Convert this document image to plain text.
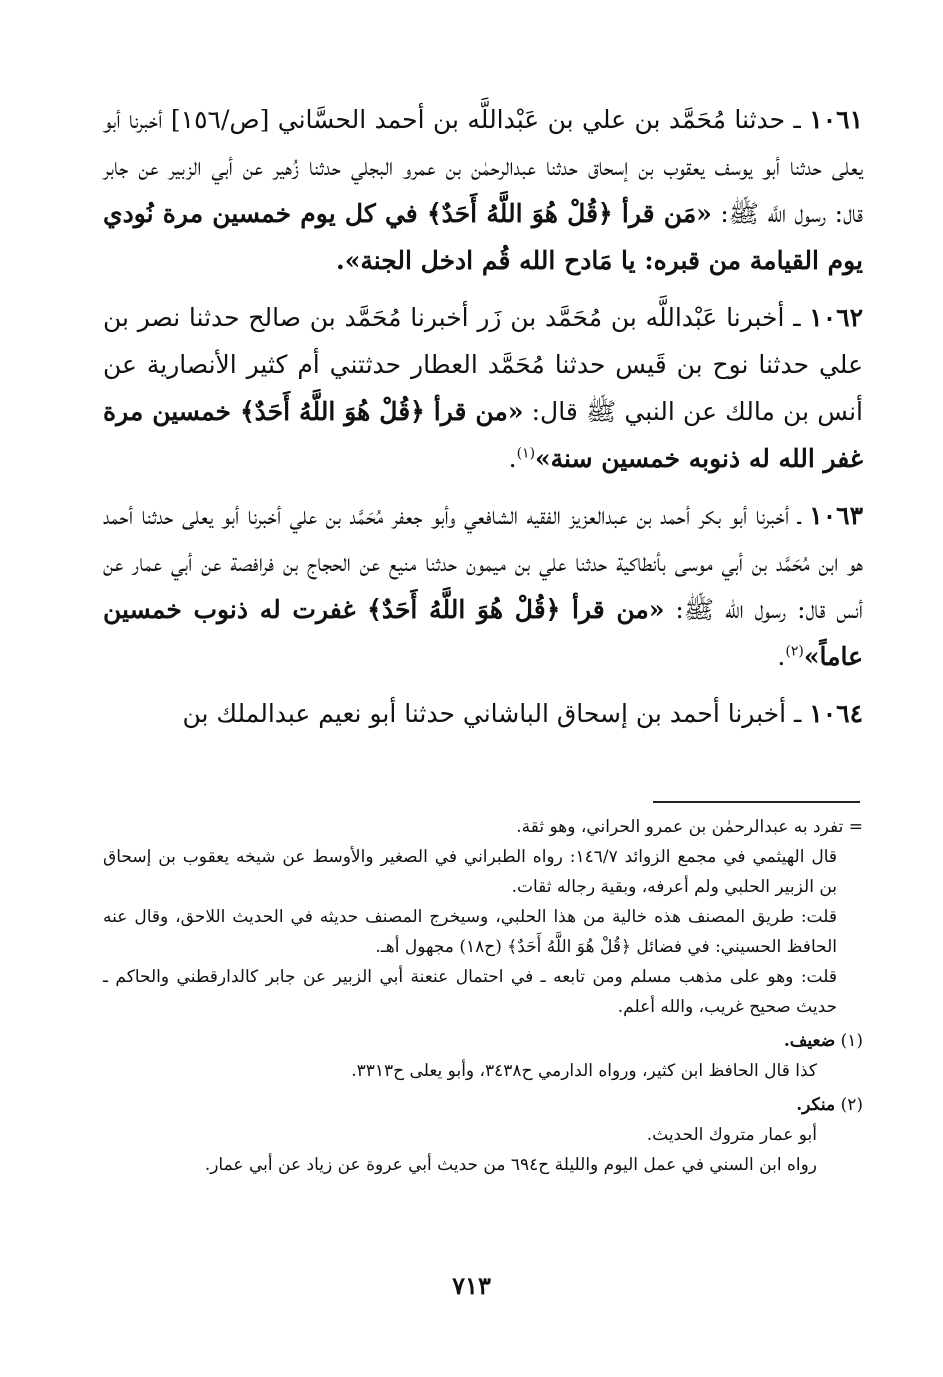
١٠٦١ ـ حدثنا مُحَمَّد بن علي بن عَبْداللَّه بن أحمد الحسَّاني [ص/١٥٦] أخبرنا أبو يعلى حدثنا أبو يوسف يعقوب بن إسحاق حدثنا عبدالرحمٰن بن عمرو البجلي حدثنا زُهير عن أبي الزبير عن جابر قال: رسول اللَّه ﷺ: «مَن قرأ ﴿قُلْ هُوَ اللَّهُ أَحَدٌ﴾ في كل يوم خمسين مرة نُودي يوم القيامة من قبره: يا مَادح الله قُم ادخل الجنة».

١٠٦٢ ـ أخبرنا عَبْداللَّه بن مُحَمَّد بن زَر أخبرنا مُحَمَّد بن صالح حدثنا نصر بن علي حدثنا نوح بن قَيس حدثنا مُحَمَّد العطار حدثتني أم كثير الأنصارية عن أنس بن مالك عن النبي ﷺ قال: «من قرأ ﴿قُلْ هُوَ اللَّهُ أَحَدٌ﴾ خمسين مرة غفر الله له ذنوبه خمسين سنة»$^{(١)}$.

١٠٦٣ ـ أخبرنا أبو بكر أحمد بن عبدالعزيز الفقيه الشافعي وأبو جعفر مُحَمَّد بن علي أخبرنا أبو يعلى حدثنا أحمد هو ابن مُحَمَّد بن أبي موسى بأنطاكية حدثنا علي بن ميمون حدثنا منيع عن الحجاج بن فرافصة عن أبي عمار عن أنس قال: رسول الله ﷺ: «من قرأ ﴿قُلْ هُوَ اللَّهُ أَحَدٌ﴾ غفرت له ذنوب خمسين عاماً»$^{(٢)}$.

١٠٦٤ ـ أخبرنا أحمد بن إسحاق الباشاني حدثنا أبو نعيم عبدالملك بن

= تفرد به عبدالرحمٰن بن عمرو الحراني، وهو ثقة.

قال الهيثمي في مجمع الزوائد ١٤٦/٧: رواه الطبراني في الصغير والأوسط عن شيخه يعقوب بن إسحاق بن الزبير الحلبي ولم أعرفه، وبقية رجاله ثقات.

قلت: طريق المصنف هذه خالية من هذا الحلبي، وسيخرج المصنف حديثه في الحديث اللاحق، وقال عنه الحافظ الحسيني: في فضائل ﴿قُلْ هُوَ اللَّهُ أَحَدٌ﴾ (ح١٨) مجهول أهـ.

قلت: وهو على مذهب مسلم ومن تابعه ـ في احتمال عنعنة أبي الزبير عن جابر كالدارقطني والحاكم ـ حديث صحيح غريب، والله أعلم.

(١) ضعيف.

كذا قال الحافظ ابن كثير، ورواه الدارمي ح٣٤٣٨، وأبو يعلى ح٣٣١٣.

(٢) منكر.

أبو عمار متروك الحديث.

رواه ابن السني في عمل اليوم والليلة ح٦٩٤ من حديث أبي عروة عن زياد عن أبي عمار.

٧١٣
